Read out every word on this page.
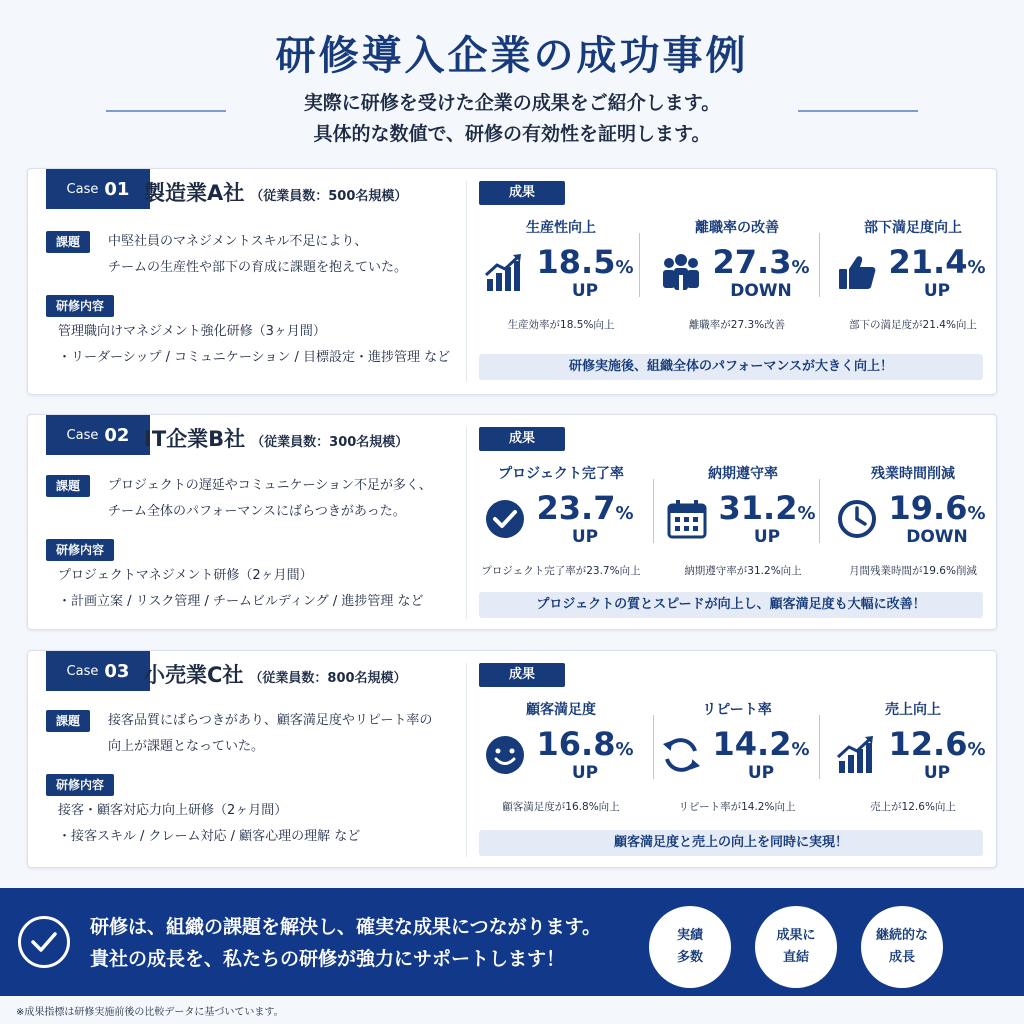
研修導入企業の成功事例
実際に研修を受けた企業の成果をご紹介します。
具体的な数値で、研修の有効性を証明します。
Case 01 製造業A社 （従業員数：500名規模）
課題	中堅社員のマネジメントスキル不足により、
チームの生産性や部下の育成に課題を抱えていた。
研修内容
管理職向けマネジメント強化研修（3ヶ月間）
・リーダーシップ / コミュニケーション / 目標設定・進捗管理 など
成果
生産性向上
18.5%
UP
生産効率が18.5%向上
離職率の改善
27.3%
DOWN
離職率が27.3%改善
部下満足度向上
21.4%
UP
部下の満足度が21.4%向上
研修実施後、組織全体のパフォーマンスが大きく向上！
Case 02 IT企業B社 （従業員数：300名規模）
課題	プロジェクトの遅延やコミュニケーション不足が多く、
チーム全体のパフォーマンスにばらつきがあった。
研修内容
プロジェクトマネジメント研修（2ヶ月間）
・計画立案 / リスク管理 / チームビルディング / 進捗管理 など
成果
プロジェクト完了率
23.7%
UP
プロジェクト完了率が23.7%向上
納期遵守率
31.2%
UP
納期遵守率が31.2%向上
残業時間削減
19.6%
DOWN
月間残業時間が19.6%削減
プロジェクトの質とスピードが向上し、顧客満足度も大幅に改善！
Case 03 小売業C社 （従業員数：800名規模）
課題	接客品質にばらつきがあり、顧客満足度やリピート率の
向上が課題となっていた。
研修内容
接客・顧客対応力向上研修（2ヶ月間）
・接客スキル / クレーム対応 / 顧客心理の理解 など
成果
顧客満足度
16.8%
UP
顧客満足度が16.8%向上
リピート率
14.2%
UP
リピート率が14.2%向上
売上向上
12.6%
UP
売上が12.6%向上
顧客満足度と売上の向上を同時に実現！
研修は、組織の課題を解決し、確実な成果につながります。
貴社の成長を、私たちの研修が強力にサポートします！
実績
多数
成果に
直結
継続的な
成長
※成果指標は研修実施前後の比較データに基づいています。
